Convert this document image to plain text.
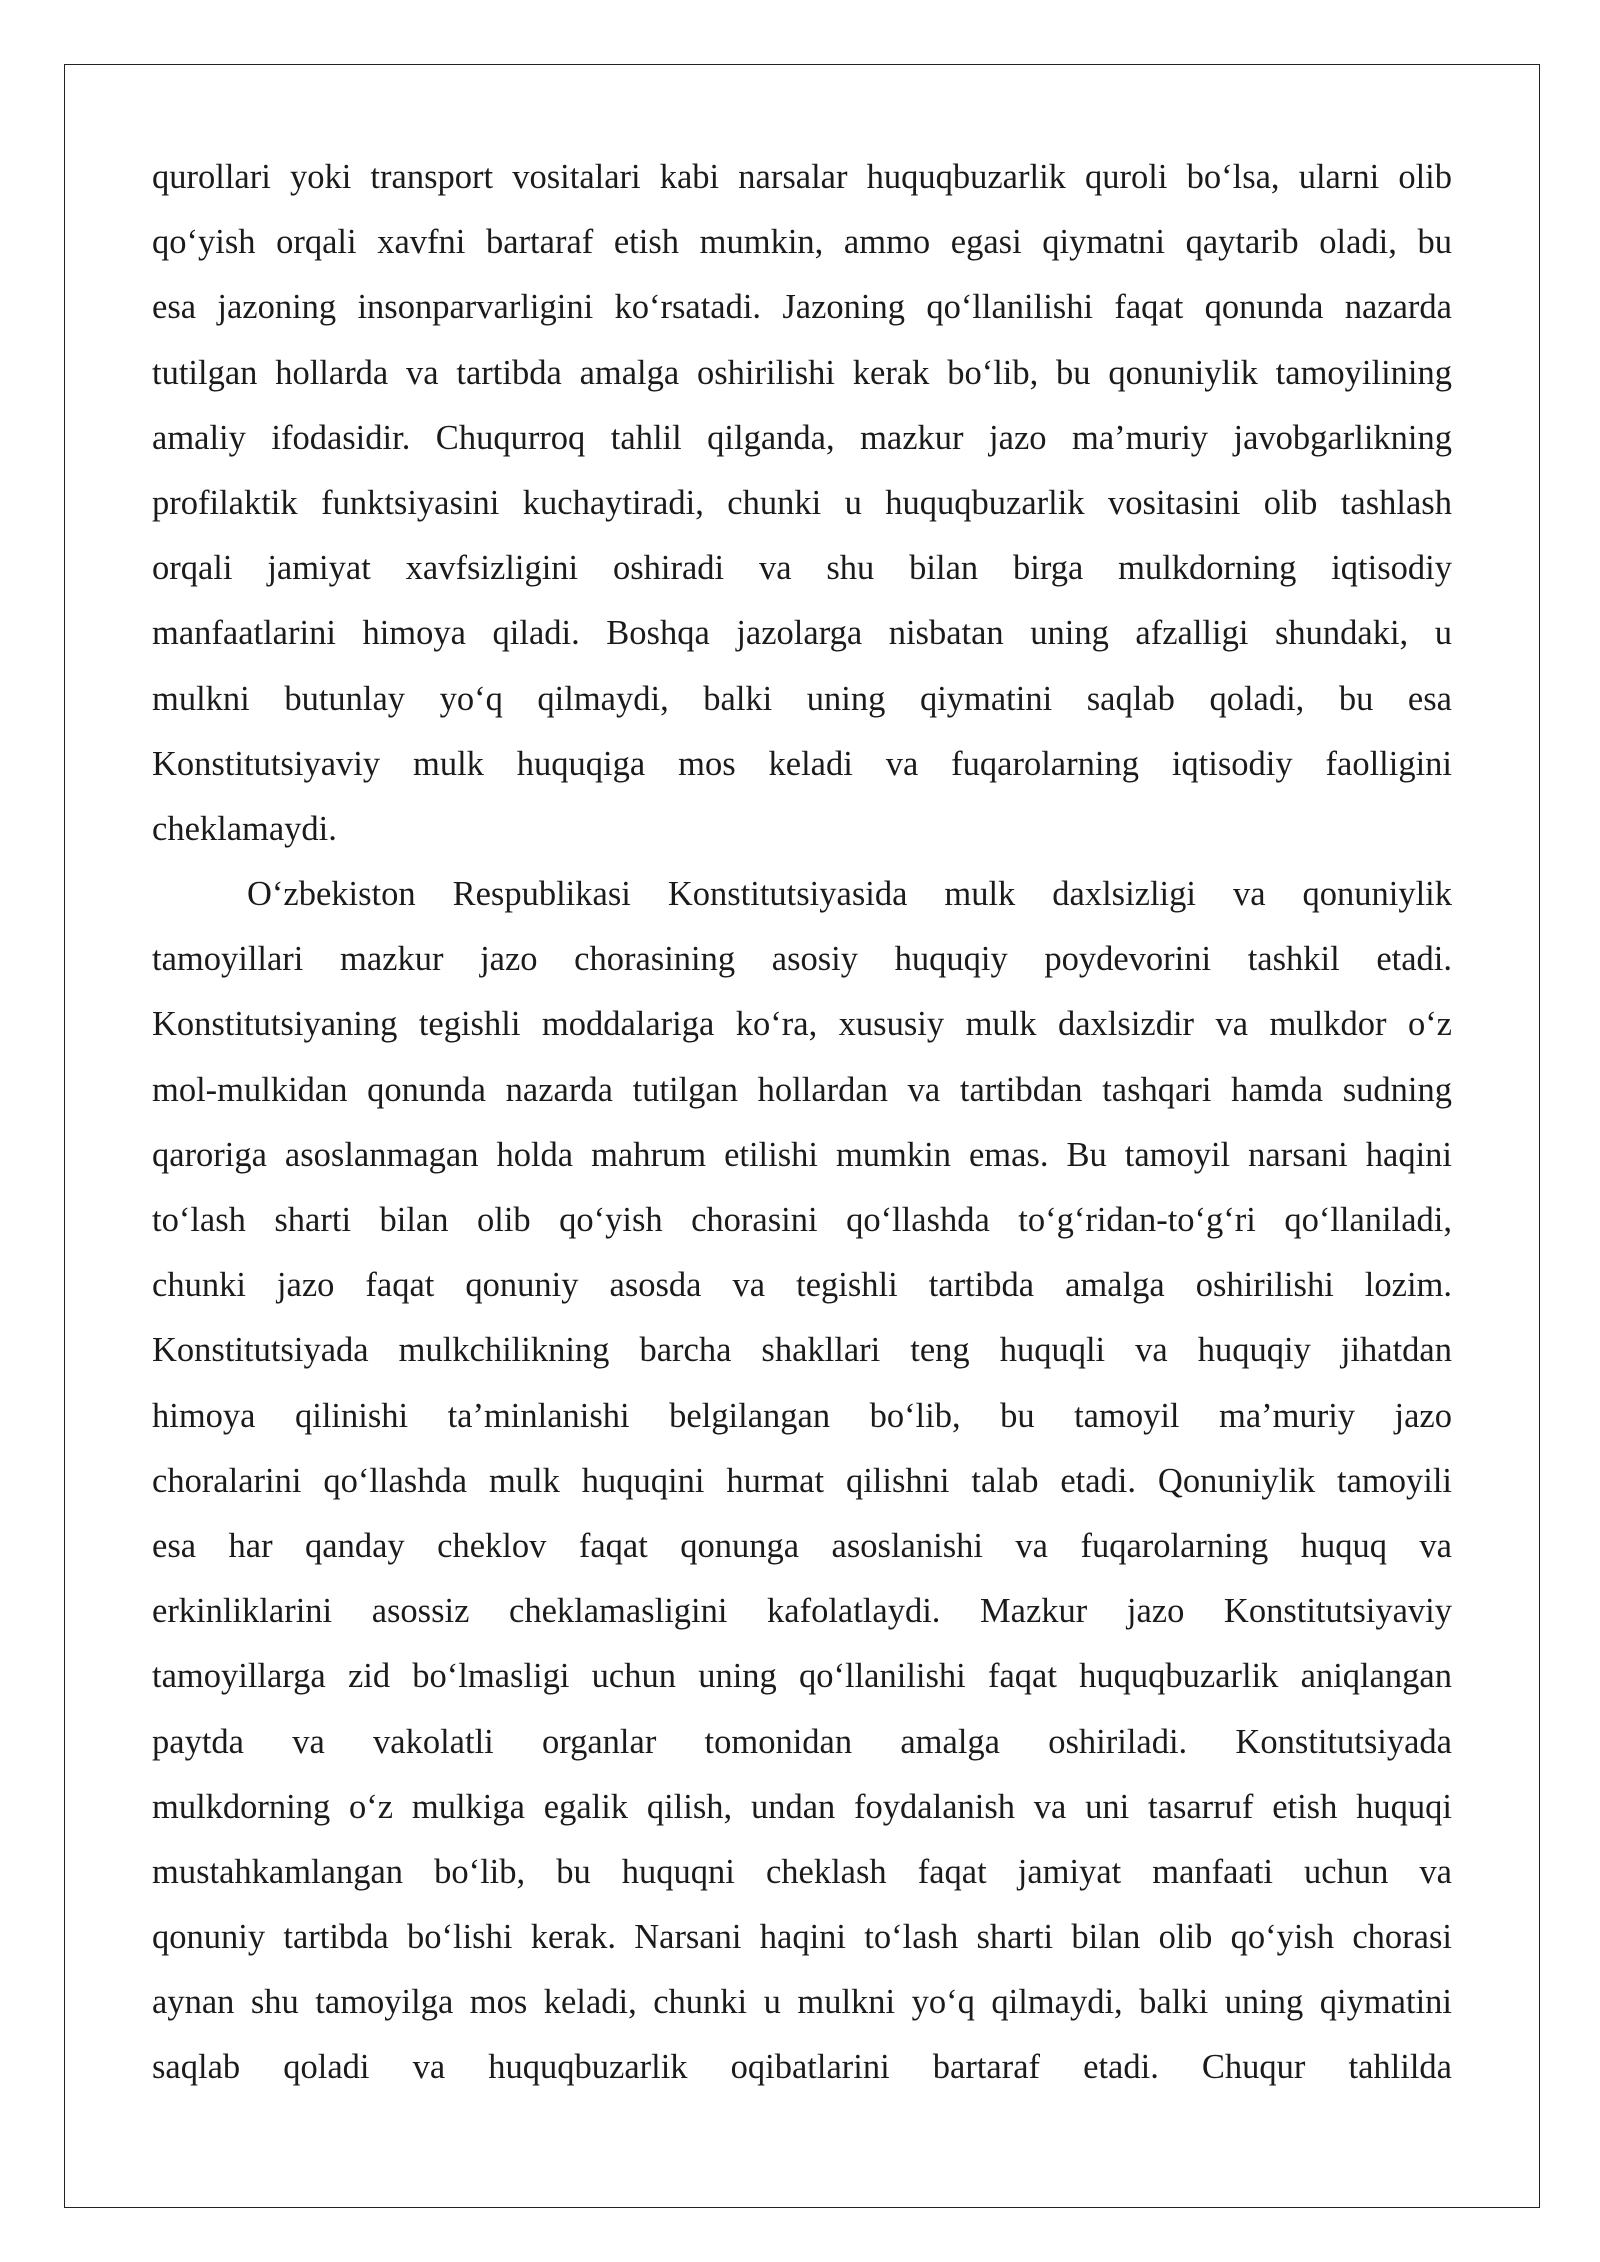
qurollari yoki transport vositalari kabi narsalar huquqbuzarlik quroli bo‘lsa, ularni olib
qo‘yish orqali xavfni bartaraf etish mumkin, ammo egasi qiymatni qaytarib oladi, bu
esa jazoning insonparvarligini ko‘rsatadi. Jazoning qo‘llanilishi faqat qonunda nazarda
tutilgan hollarda va tartibda amalga oshirilishi kerak bo‘lib, bu qonuniylik tamoyilining
amaliy ifodasidir. Chuqurroq tahlil qilganda, mazkur jazo ma’muriy javobgarlikning
profilaktik funktsiyasini kuchaytiradi, chunki u huquqbuzarlik vositasini olib tashlash
orqali jamiyat xavfsizligini oshiradi va shu bilan birga mulkdorning iqtisodiy
manfaatlarini himoya qiladi. Boshqa jazolarga nisbatan uning afzalligi shundaki, u
mulkni butunlay yo‘q qilmaydi, balki uning qiymatini saqlab qoladi, bu esa
Konstitutsiyaviy mulk huquqiga mos keladi va fuqarolarning iqtisodiy faolligini
cheklamaydi.
O‘zbekiston Respublikasi Konstitutsiyasida mulk daxlsizligi va qonuniylik
tamoyillari mazkur jazo chorasining asosiy huquqiy poydevorini tashkil etadi.
Konstitutsiyaning tegishli moddalariga ko‘ra, xususiy mulk daxlsizdir va mulkdor o‘z
mol-mulkidan qonunda nazarda tutilgan hollardan va tartibdan tashqari hamda sudning
qaroriga asoslanmagan holda mahrum etilishi mumkin emas. Bu tamoyil narsani haqini
to‘lash sharti bilan olib qo‘yish chorasini qo‘llashda to‘g‘ridan-to‘g‘ri qo‘llaniladi,
chunki jazo faqat qonuniy asosda va tegishli tartibda amalga oshirilishi lozim.
Konstitutsiyada mulkchilikning barcha shakllari teng huquqli va huquqiy jihatdan
himoya qilinishi ta’minlanishi belgilangan bo‘lib, bu tamoyil ma’muriy jazo
choralarini qo‘llashda mulk huquqini hurmat qilishni talab etadi. Qonuniylik tamoyili
esa har qanday cheklov faqat qonunga asoslanishi va fuqarolarning huquq va
erkinliklarini asossiz cheklamasligini kafolatlaydi. Mazkur jazo Konstitutsiyaviy
tamoyillarga zid bo‘lmasligi uchun uning qo‘llanilishi faqat huquqbuzarlik aniqlangan
paytda va vakolatli organlar tomonidan amalga oshiriladi. Konstitutsiyada
mulkdorning o‘z mulkiga egalik qilish, undan foydalanish va uni tasarruf etish huquqi
mustahkamlangan bo‘lib, bu huquqni cheklash faqat jamiyat manfaati uchun va
qonuniy tartibda bo‘lishi kerak. Narsani haqini to‘lash sharti bilan olib qo‘yish chorasi
aynan shu tamoyilga mos keladi, chunki u mulkni yo‘q qilmaydi, balki uning qiymatini
saqlab qoladi va huquqbuzarlik oqibatlarini bartaraf etadi. Chuqur tahlilda
